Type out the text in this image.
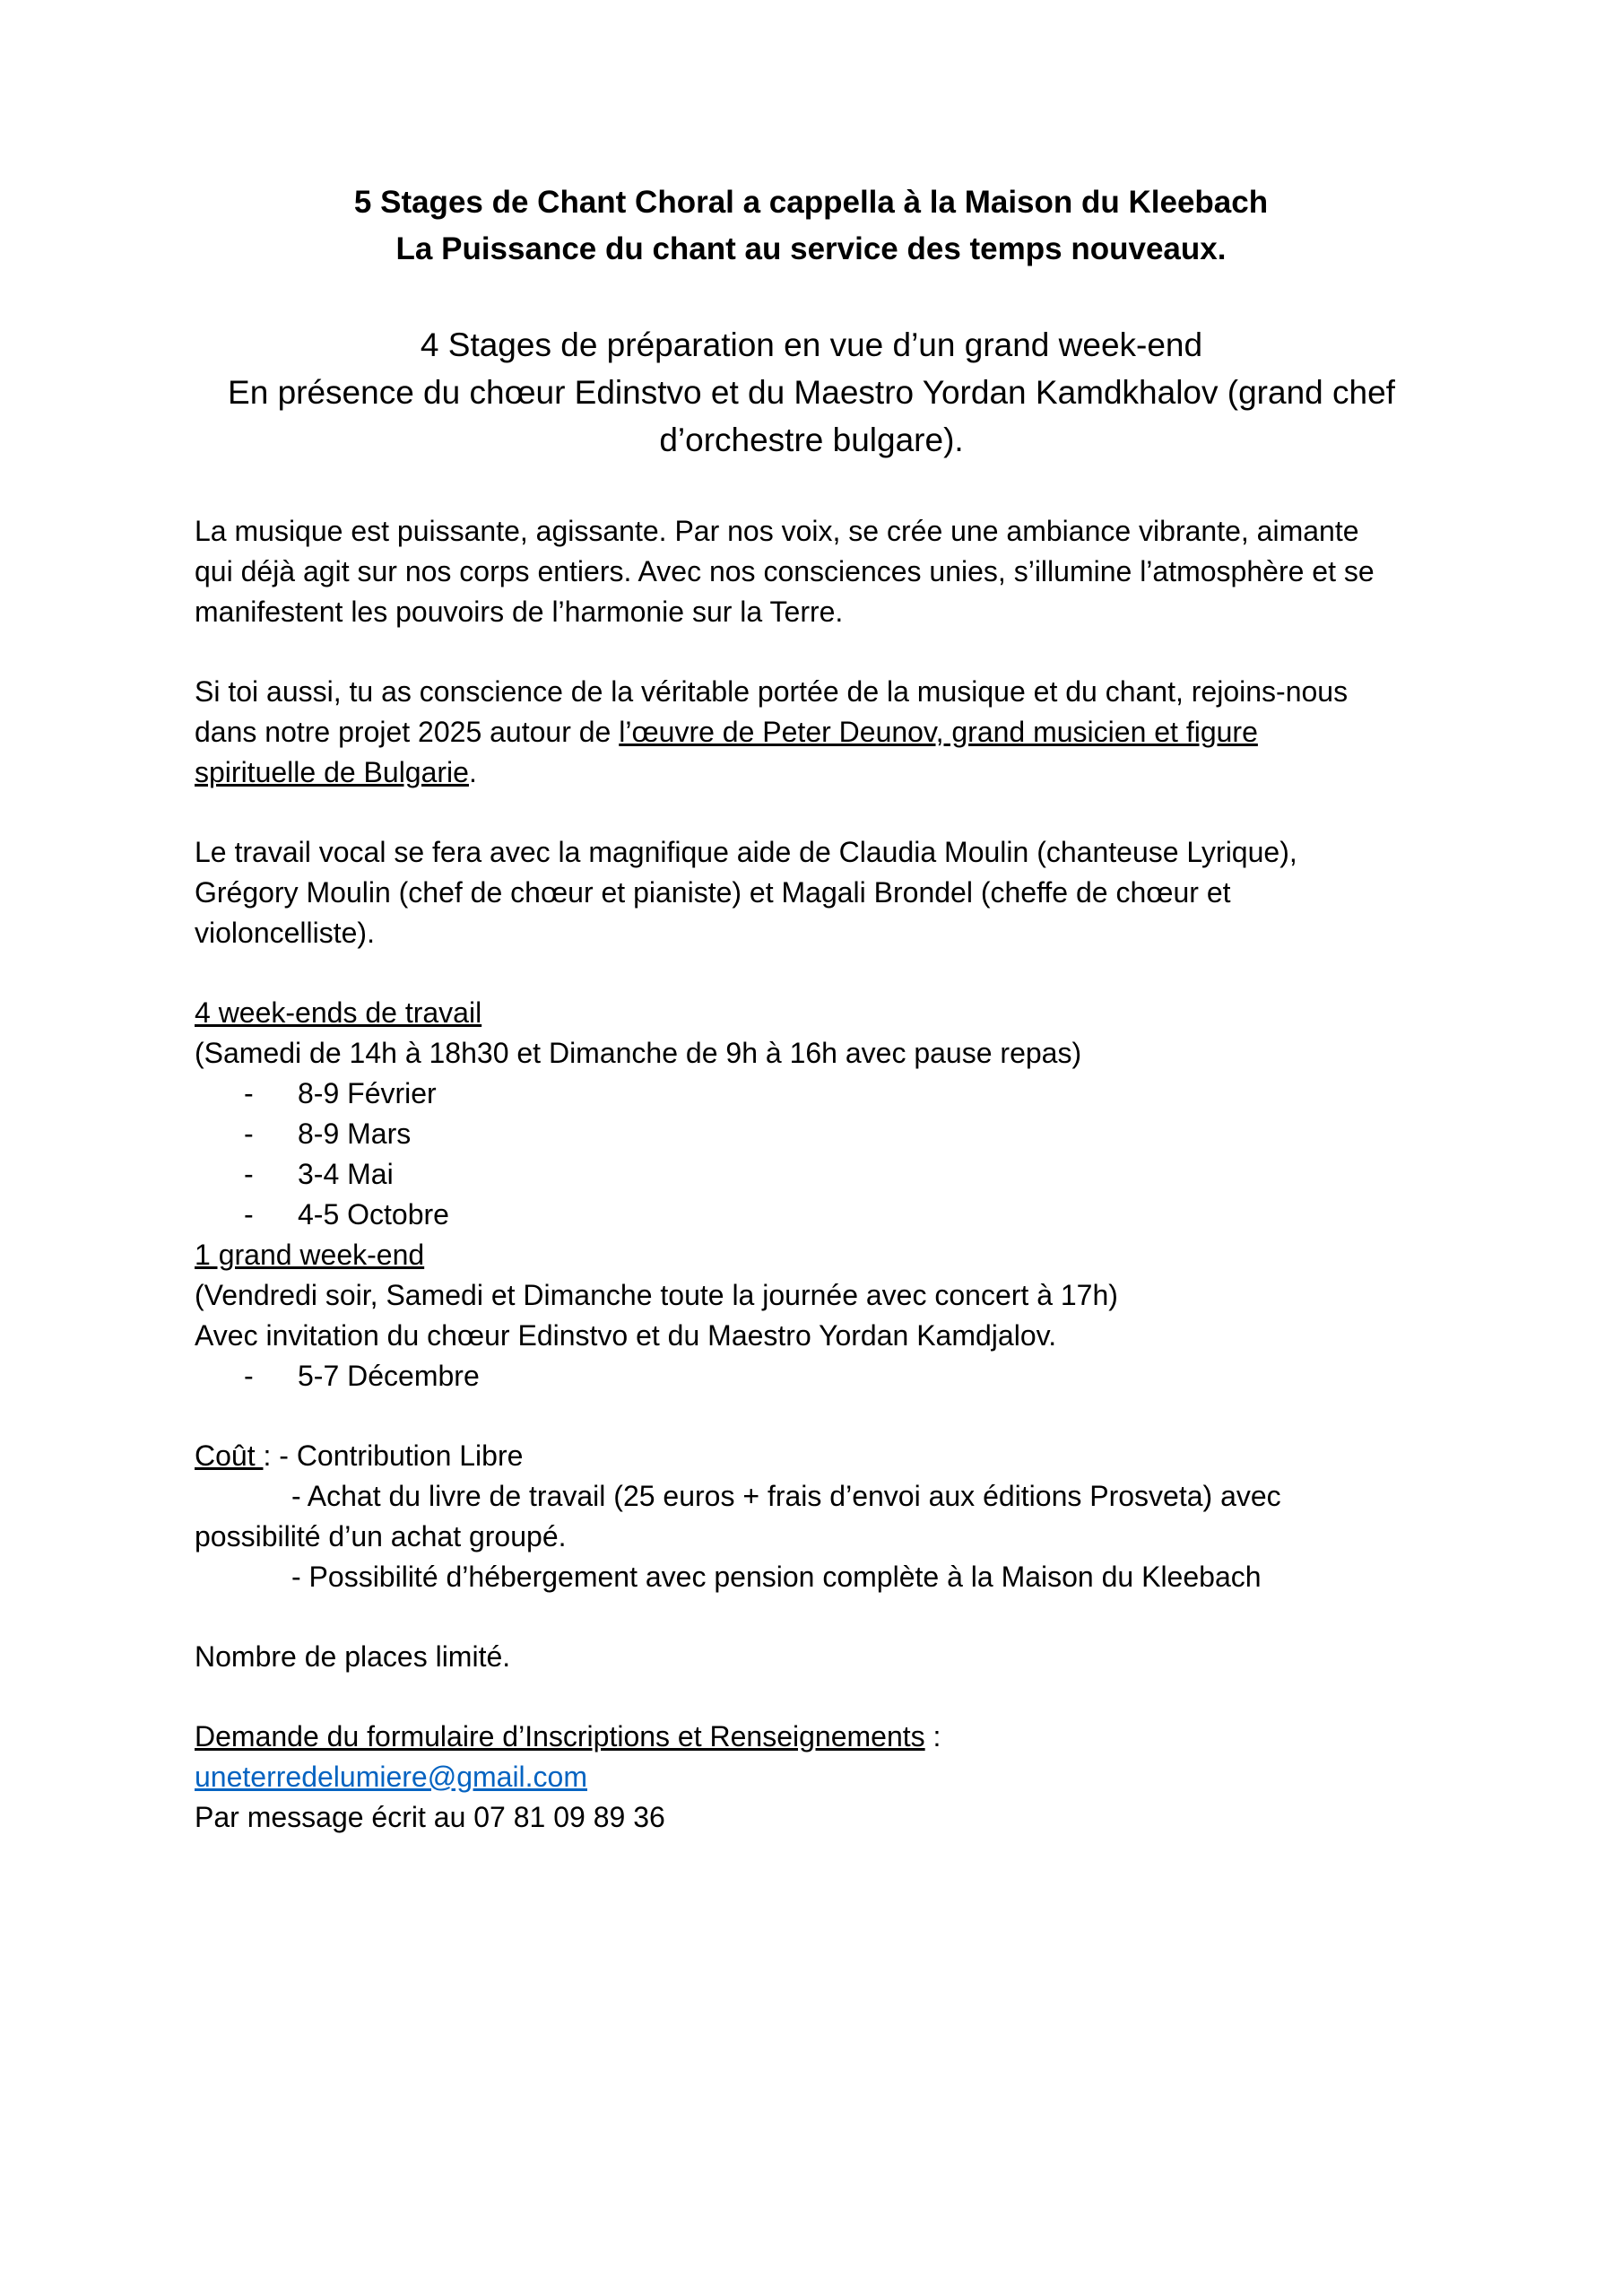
5 Stages de Chant Choral a cappella à la Maison du Kleebach
La Puissance du chant au service des temps nouveaux.
4 Stages de préparation en vue d’un grand week-end
En présence du chœur Edinstvo et du Maestro Yordan Kamdkhalov (grand chef
d’orchestre bulgare).
La musique est puissante, agissante. Par nos voix, se crée une ambiance vibrante, aimante
qui déjà agit sur nos corps entiers. Avec nos consciences unies, s’illumine l’atmosphère et se
manifestent les pouvoirs de l’harmonie sur la Terre.
Si toi aussi, tu as conscience de la véritable portée de la musique et du chant, rejoins-nous
dans notre projet 2025 autour de l’œuvre de Peter Deunov, grand musicien et figure
spirituelle de Bulgarie.
Le travail vocal se fera avec la magnifique aide de Claudia Moulin (chanteuse Lyrique),
Grégory Moulin (chef de chœur et pianiste) et Magali Brondel (cheffe de chœur et
violoncelliste).
4 week-ends de travail
(Samedi de 14h à 18h30 et Dimanche de 9h à 16h avec pause repas)
- 8-9 Février
- 8-9 Mars
- 3-4 Mai
- 4-5 Octobre
1 grand week-end
(Vendredi soir, Samedi et Dimanche toute la journée avec concert à 17h)
Avec invitation du chœur Edinstvo et du Maestro Yordan Kamdjalov.
- 5-7 Décembre
Coût : - Contribution Libre
- Achat du livre de travail (25 euros + frais d’envoi aux éditions Prosveta) avec
possibilité d’un achat groupé.
- Possibilité d’hébergement avec pension complète à la Maison du Kleebach
Nombre de places limité.
Demande du formulaire d’Inscriptions et Renseignements :
uneterredelumiere@gmail.com
Par message écrit au 07 81 09 89 36
